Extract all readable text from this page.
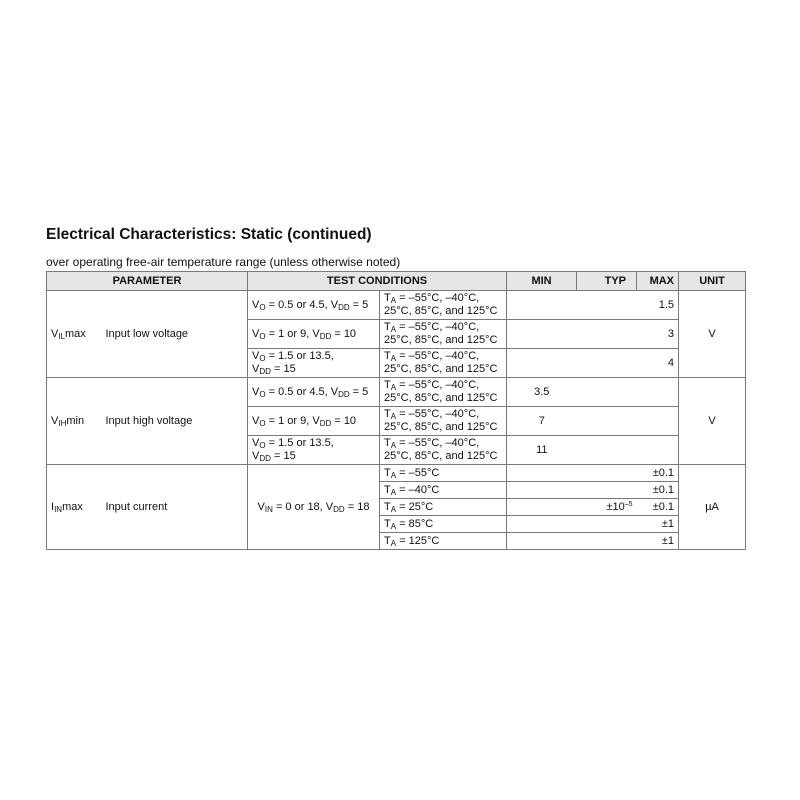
Electrical Characteristics: Static (continued)

over operating free-air temperature range (unless otherwise noted)

PARAMETER		TEST CONDITIONS		MIN	TYP	MAX	UNIT
$V_{IL}\max$	Input low voltage	$V_O = 0.5$ or 4.5, $V_{DD} = 5$	$T_A = -55^\circ C$, –40°C,
25°C, 85°C, and 125°C			1.5	V
		$V_O = 1$ or 9, $V_{DD} = 10$	$T_A = -55^\circ C$, –40°C,
25°C, 85°C, and 125°C			3	
		$V_O = 1.5$ or 13.5,
$V_{DD} = 15$	$T_A = -55^\circ C$, –40°C,
25°C, 85°C, and 125°C			4	
$V_{IH}\min$	Input high voltage	$V_O = 0.5$ or 4.5, $V_{DD} = 5$	$T_A = -55^\circ C$, –40°C,
25°C, 85°C, and 125°C	3.5			V
		$V_O = 1$ or 9, $V_{DD} = 10$	$T_A = -55^\circ C$, –40°C,
25°C, 85°C, and 125°C	7			
		$V_O = 1.5$ or 13.5,
$V_{DD} = 15$	$T_A = -55^\circ C$, –40°C,
25°C, 85°C, and 125°C	11			
$I_{IN}\max$	Input current	$V_{IN} = 0$ or 18, $V_{DD} = 18$	$T_A = -55^\circ C$			±0.1	µA
			$T_A = -40^\circ C$			±0.1	
			$T_A = 25^\circ C$		$\pm 10^{-5}$	±0.1	
			$T_A = 85^\circ C$			±1	
			$T_A = 125^\circ C$			±1	
